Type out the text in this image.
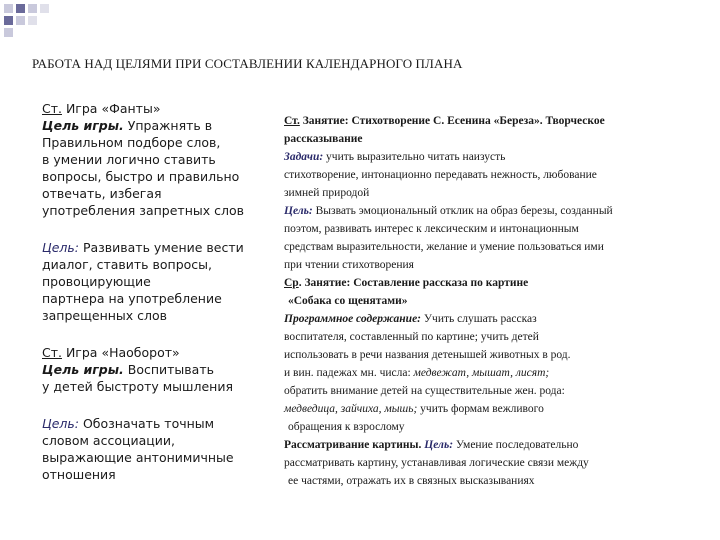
РАБОТА НАД ЦЕЛЯМИ ПРИ СОСТАВЛЕНИИ КАЛЕНДАРНОГО ПЛАНА
Ст. Игра «Фанты»
Цель игры. Упражнять в
Правильном подборе слов,
в умении логично ставить
вопросы, быстро и правильно
отвечать, избегая
употребления запретных слов
Цель: Развивать умение вести
диалог, ставить вопросы,
провоцирующие
партнера на употребление
запрещенных слов
Ст. Игра «Наоборот»
Цель игры. Воспитывать
у детей быстроту мышления
Цель: Обозначать точным
словом ассоциации,
выражающие антонимичные
отношения
Ст. Занятие: Стихотворение С. Есенина «Береза». Творческое
рассказывание
Задачи: учить выразительно читать наизусть
стихотворение, интонационно передавать нежность, любование
зимней природой
Цель: Вызвать эмоциональный отклик на образ березы, созданный
поэтом, развивать интерес к лексическим и интонационным
средствам выразительности, желание и умение пользоваться ими
при чтении стихотворения
Ср. Занятие: Составление рассказа по картине
«Собака со щенятами»
Программное содержание: Учить слушать рассказ
воспитателя, составленный по картине; учить детей
использовать в речи названия детенышей животных в род.
и вин. падежах мн. числа: медвежат, мышат, лисят;
обратить внимание детей на существительные жен. рода:
медведица, зайчиха, мышь; учить формам вежливого
обращения к взрослому
Рассматривание картины. Цель: Умение последовательно
рассматривать картину, устанавливая логические связи между
ее частями, отражать их в связных высказываниях
